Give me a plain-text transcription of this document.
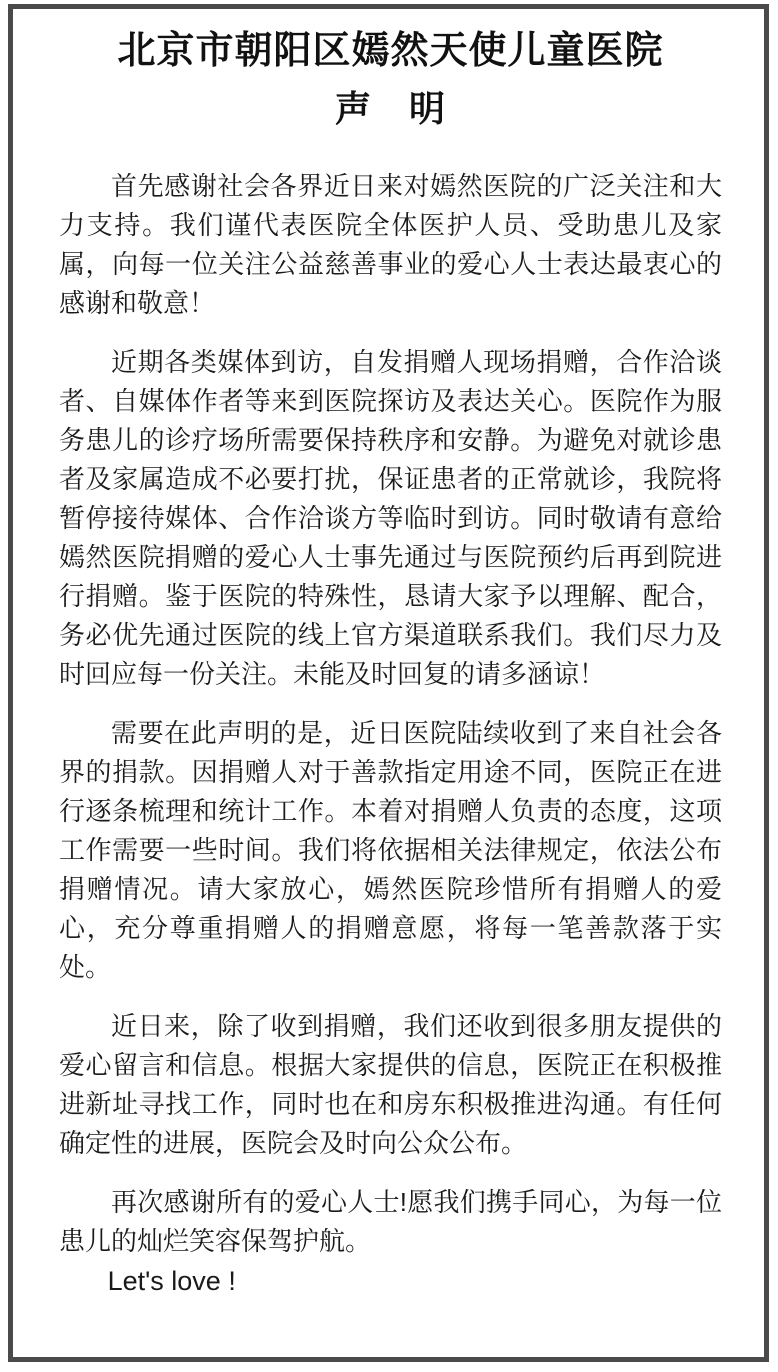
北京市朝阳区嫣然天使儿童医院
声　明

首先感谢社会各界近日来对嫣然医院的广泛关注和大力支持。我们谨代表医院全体医护人员、受助患儿及家属，向每一位关注公益慈善事业的爱心人士表达最衷心的感谢和敬意！

近期各类媒体到访，自发捐赠人现场捐赠，合作洽谈者、自媒体作者等来到医院探访及表达关心。医院作为服务患儿的诊疗场所需要保持秩序和安静。为避免对就诊患者及家属造成不必要打扰，保证患者的正常就诊，我院将暂停接待媒体、合作洽谈方等临时到访。同时敬请有意给嫣然医院捐赠的爱心人士事先通过与医院预约后再到院进行捐赠。鉴于医院的特殊性，恳请大家予以理解、配合，务必优先通过医院的线上官方渠道联系我们。我们尽力及时回应每一份关注。未能及时回复的请多涵谅！

需要在此声明的是，近日医院陆续收到了来自社会各界的捐款。因捐赠人对于善款指定用途不同，医院正在进行逐条梳理和统计工作。本着对捐赠人负责的态度，这项工作需要一些时间。我们将依据相关法律规定，依法公布捐赠情况。请大家放心，嫣然医院珍惜所有捐赠人的爱心，充分尊重捐赠人的捐赠意愿，将每一笔善款落于实处。

近日来，除了收到捐赠，我们还收到很多朋友提供的爱心留言和信息。根据大家提供的信息，医院正在积极推进新址寻找工作，同时也在和房东积极推进沟通。有任何确定性的进展，医院会及时向公众公布。

再次感谢所有的爱心人士!愿我们携手同心，为每一位患儿的灿烂笑容保驾护航。

Let's love !
